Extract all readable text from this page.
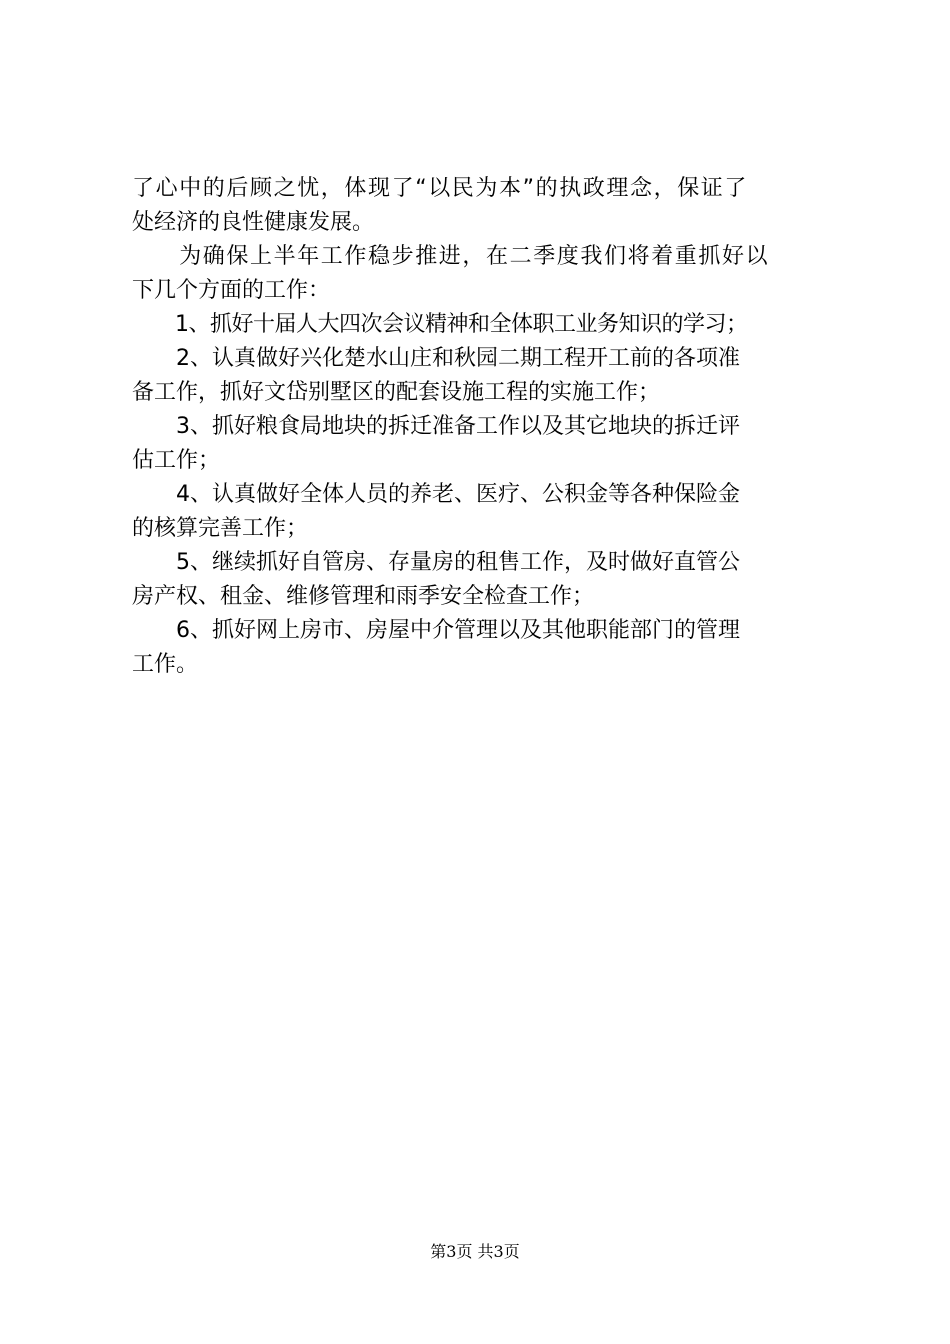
了心中的后顾之忧，体现了“以民为本”的执政理念，保证了
处经济的良性健康发展。
　　为确保上半年工作稳步推进，在二季度我们将着重抓好以
下几个方面的工作：
　　1、抓好十届人大四次会议精神和全体职工业务知识的学习；
　　2、认真做好兴化楚水山庄和秋园二期工程开工前的各项准
备工作，抓好文岱别墅区的配套设施工程的实施工作；
　　3、抓好粮食局地块的拆迁准备工作以及其它地块的拆迁评
估工作；
　　4、认真做好全体人员的养老、医疗、公积金等各种保险金
的核算完善工作；
　　5、继续抓好自管房、存量房的租售工作，及时做好直管公
房产权、租金、维修管理和雨季安全检查工作；
　　6、抓好网上房市、房屋中介管理以及其他职能部门的管理
工作。
第3页 共3页
